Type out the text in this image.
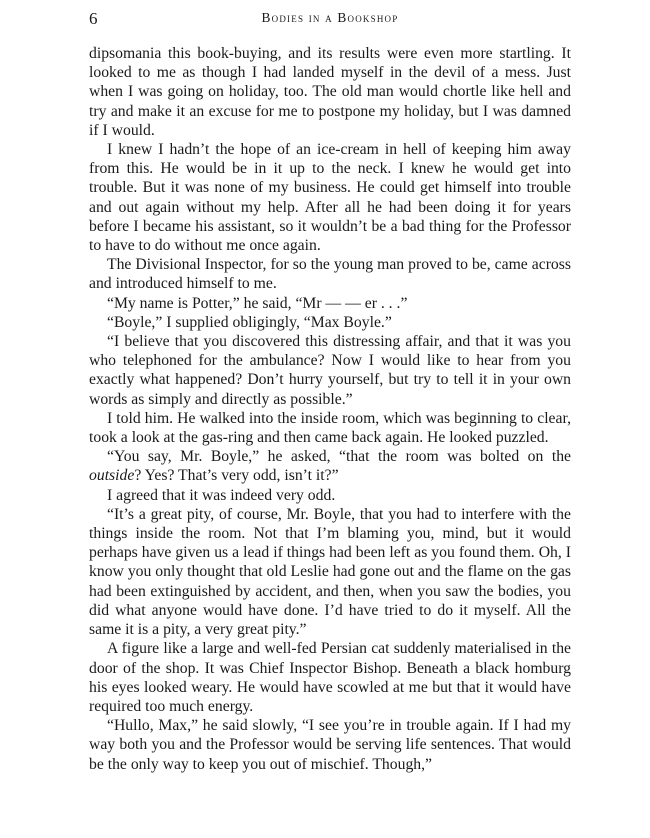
6	Bodies in a Bookshop

dipsomania this book-buying, and its results were even more startling. It looked to me as though I had landed myself in the devil of a mess. Just when I was going on holiday, too. The old man would chortle like hell and try and make it an excuse for me to postpone my holiday, but I was damned if I would.

I knew I hadn’t the hope of an ice-cream in hell of keeping him away from this. He would be in it up to the neck. I knew he would get into trouble. But it was none of my business. He could get himself into trouble and out again without my help. After all he had been doing it for years before I became his assistant, so it wouldn’t be a bad thing for the Professor to have to do without me once again.

The Divisional Inspector, for so the young man proved to be, came across and introduced himself to me.

“My name is Potter,” he said, “Mr — — er . . .”

“Boyle,” I supplied obligingly, “Max Boyle.”

“I believe that you discovered this distressing affair, and that it was you who telephoned for the ambulance? Now I would like to hear from you exactly what happened? Don’t hurry yourself, but try to tell it in your own words as simply and directly as possible.”

I told him. He walked into the inside room, which was beginning to clear, took a look at the gas-ring and then came back again. He looked puzzled.

“You say, Mr. Boyle,” he asked, “that the room was bolted on the outside? Yes? That’s very odd, isn’t it?”

I agreed that it was indeed very odd.

“It’s a great pity, of course, Mr. Boyle, that you had to interfere with the things inside the room. Not that I’m blaming you, mind, but it would perhaps have given us a lead if things had been left as you found them. Oh, I know you only thought that old Leslie had gone out and the flame on the gas had been extinguished by accident, and then, when you saw the bodies, you did what anyone would have done. I’d have tried to do it myself. All the same it is a pity, a very great pity.”

A figure like a large and well-fed Persian cat suddenly materialised in the door of the shop. It was Chief Inspector Bishop. Beneath a black homburg his eyes looked weary. He would have scowled at me but that it would have required too much energy.

“Hullo, Max,” he said slowly, “I see you’re in trouble again. If I had my way both you and the Professor would be serving life sentences. That would be the only way to keep you out of mischief. Though,”
